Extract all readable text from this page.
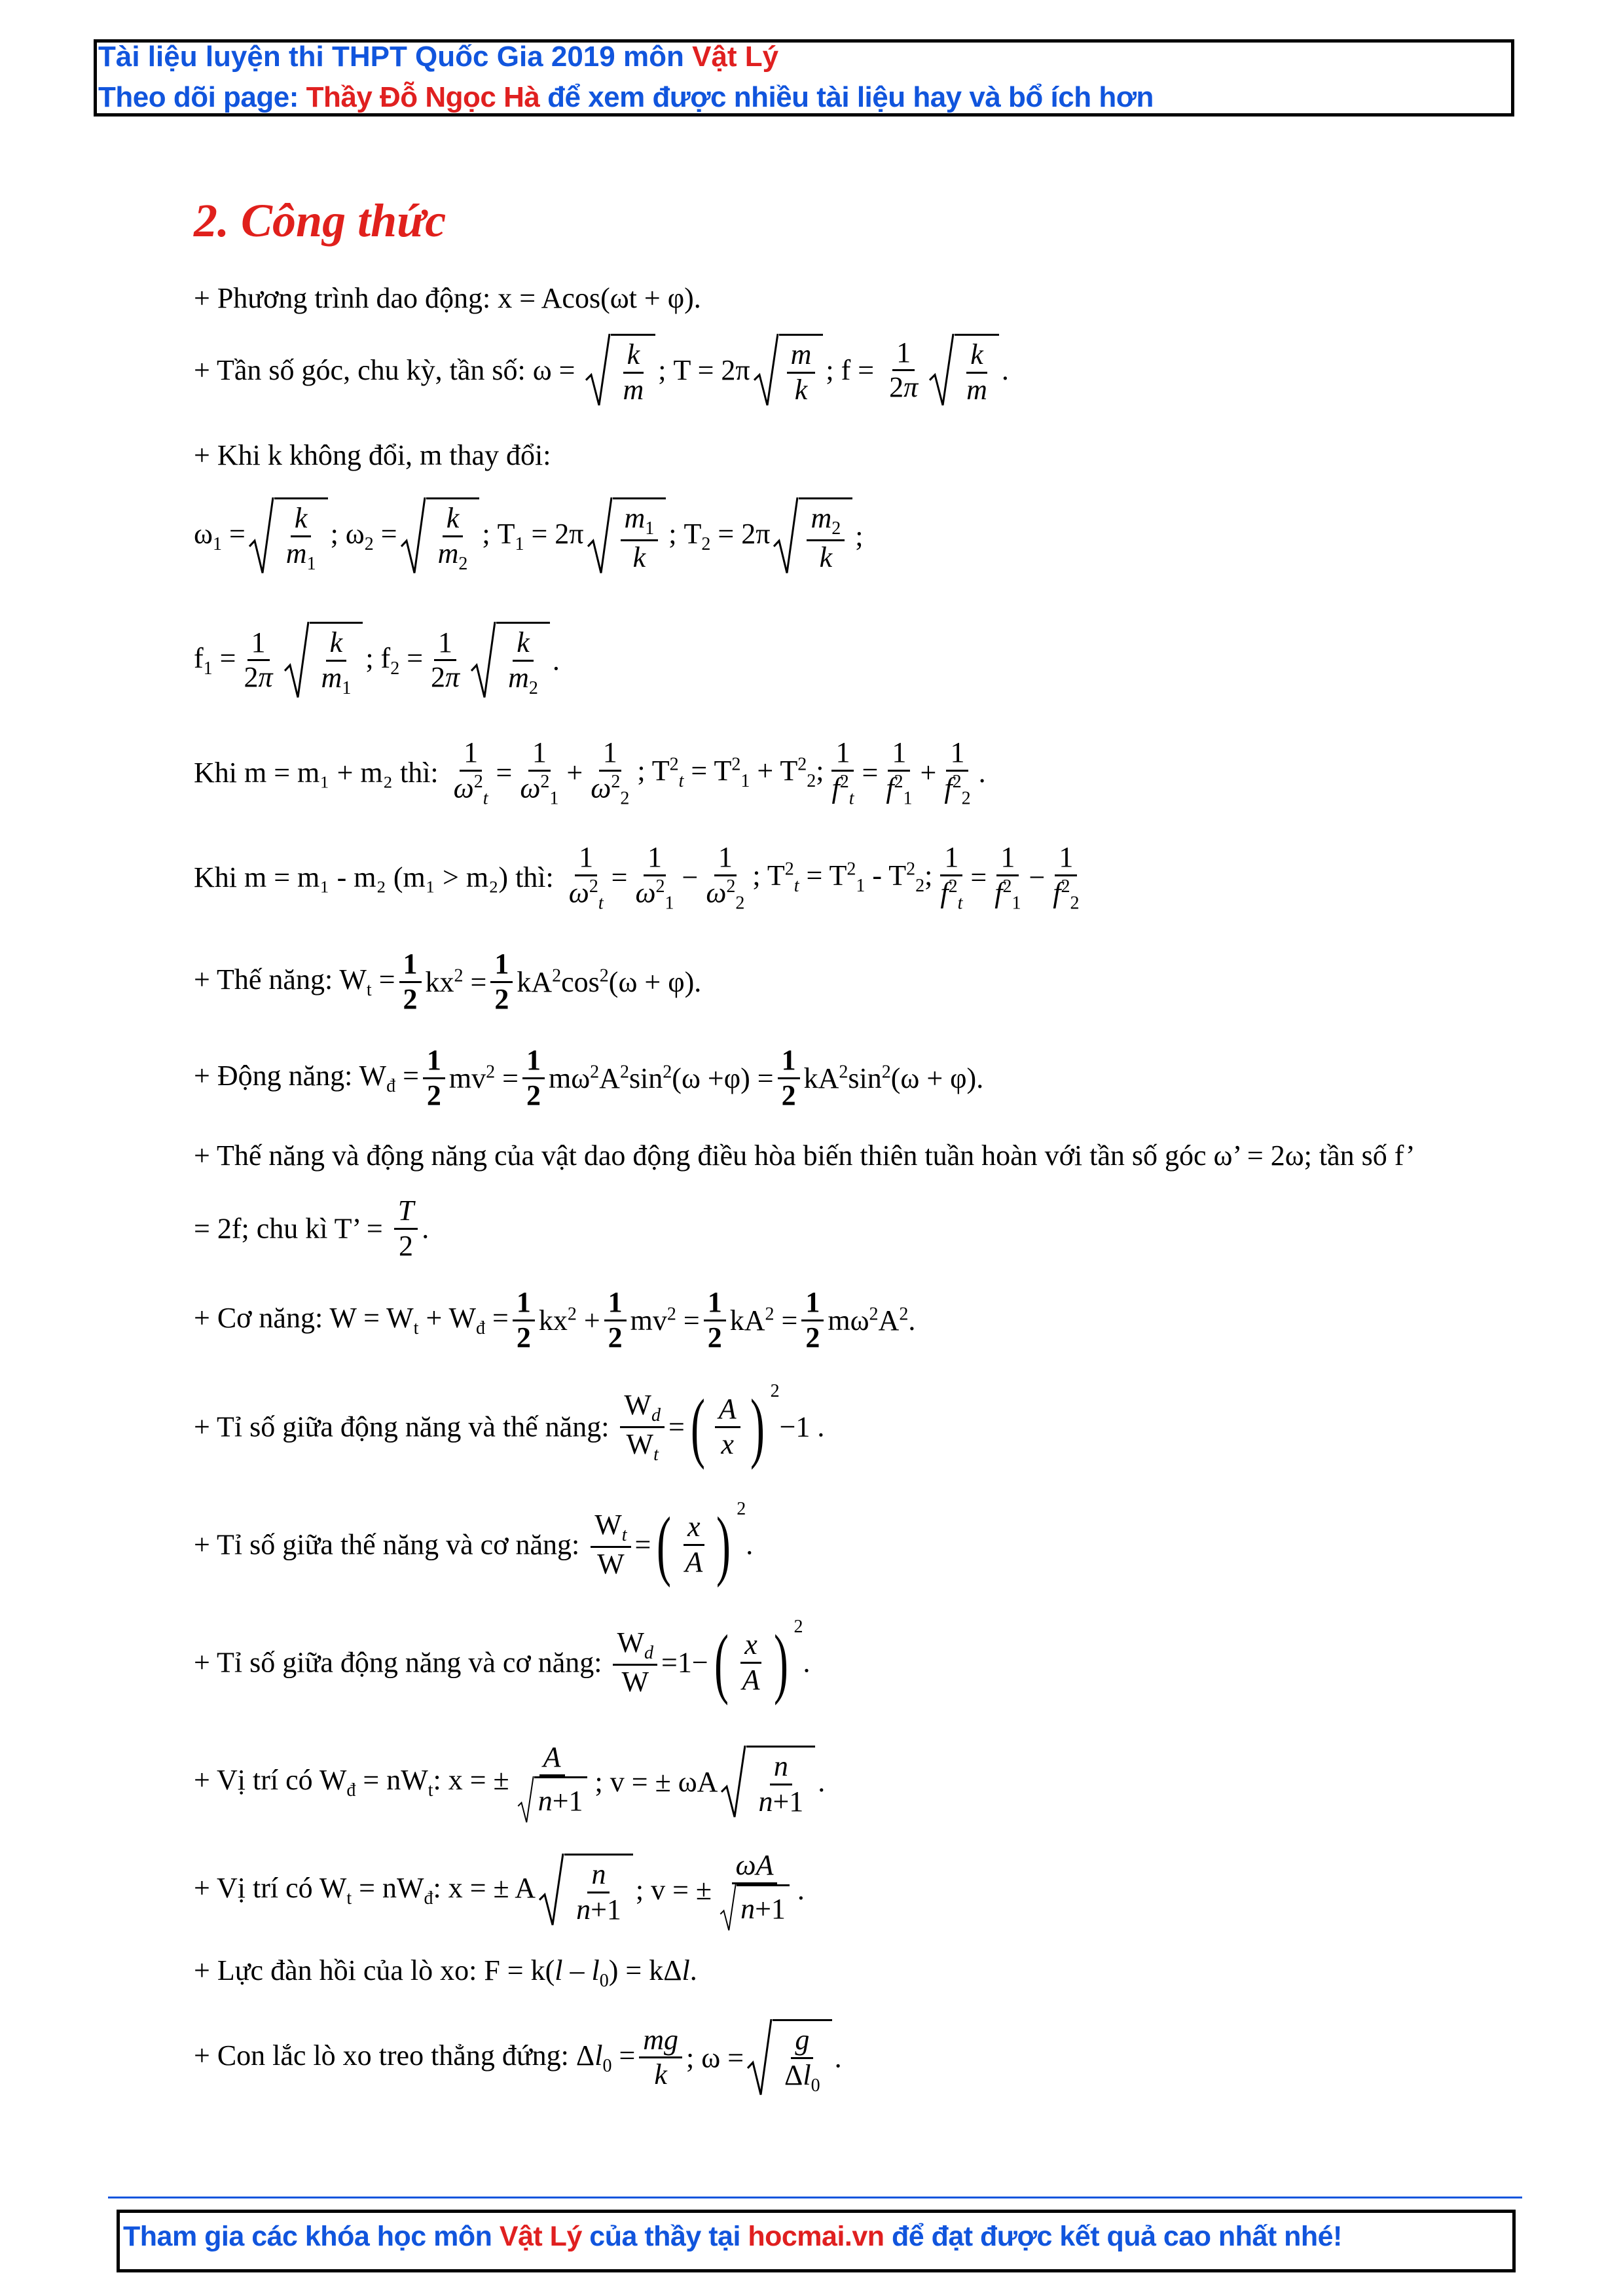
Tài liệu luyện thi THPT Quốc Gia 2019 môn Vật Lý
Theo dõi page: Thầy Đỗ Ngọc Hà để xem được nhiều tài liệu hay và bổ ích hơn
2. Công thức
+ Phương trình dao động: x = Acos(ωt + φ).
+ Tần số góc, chu kỳ, tần số: $\omega = \frac{k}{m}$ ; $T = 2\pi \frac{m}{k}$ ; $f = \frac{1}{2\pi} \frac{k}{m}$ .
+ Khi k không đổi, m thay đổi:
$\omega_1 = \frac{k}{m_1}$ ; $\omega_2 = \frac{k}{m_2}$ ; $T_1 = 2\pi \frac{m_1}{k}$ ; $T_2 = 2\pi \frac{m_2}{k}$ ;
$f_1 = \frac{1}{2\pi} \frac{k}{m_1}$ ; $f_2 = \frac{1}{2\pi} \frac{k}{m_2}$ .
Khi m = m₁ + m₂ thì: $\frac{1}{\omega^2_t} = \frac{1}{\omega^2_1} + \frac{1}{\omega^2_2}$ ; $T^2_t = T^2_1 + T^2_2$; $\frac{1}{f^2_t} = \frac{1}{f^2_1} + \frac{1}{f^2_2}$ .
Khi m = m₁ - m₂ (m₁ > m₂) thì: $\frac{1}{\omega^2_t} = \frac{1}{\omega^2_1} - \frac{1}{\omega^2_2}$ ; $T^2_t = T^2_1 - T^2_2$; $\frac{1}{f^2_t} = \frac{1}{f^2_1} - \frac{1}{f^2_2}$
+ Thế năng: $W_t = \frac{1}{2} kx^2 = \frac{1}{2} kA^2\cos^2(\omega + \varphi)$.
+ Động năng: $W_đ = \frac{1}{2} mv^2 = \frac{1}{2} m\omega^2A^2\sin^2(\omega +\varphi) = \frac{1}{2} kA^2\sin^2(\omega + \varphi)$.
+ Thế năng và động năng của vật dao động điều hòa biến thiên tuần hoàn với tần số góc ω’ = 2ω; tần số f’
= 2f; chu kì T’ = $\frac{T}{2}$ .
+ Cơ năng: $W = W_t + W_đ = \frac{1}{2} kx^2 + \frac{1}{2} mv^2 = \frac{1}{2} kA^2 = \frac{1}{2} m\omega^2A^2$.
+ Tỉ số giữa động năng và thế năng: $\frac{W_d}{W_t}$ = ( $\frac{A}{x}$ ) $^2$−1 .
+ Tỉ số giữa thế năng và cơ năng: $\frac{W_t}{W}$ = ( $\frac{x}{A}$ ) $^2$.
+ Tỉ số giữa động năng và cơ năng: $\frac{W_d}{W} =1-$ ( $\frac{x}{A}$ ) $^2$.
+ Vị trí có $W_đ = nW_t$: x = ± $\frac{A}{n +1}$ ; v = ± ωA $\frac{n}{n+1}$ .
+ Vị trí có $W_t = nW_đ$: x = ± A $\frac{n}{n+1}$ ; v = ± $\frac{\omega A}{n +1}$ .
+ Lực đàn hồi của lò xo: $F = k(l - l_0) = k\Delta l$.
+ Con lắc lò xo treo thẳng đứng: $\Delta l_0 = \frac{mg}{k}$ ; $\omega = \frac{g}{\Delta l_0}$ .
Tham gia các khóa học môn Vật Lý của thầy tại hocmai.vn để đạt được kết quả cao nhất nhé!
